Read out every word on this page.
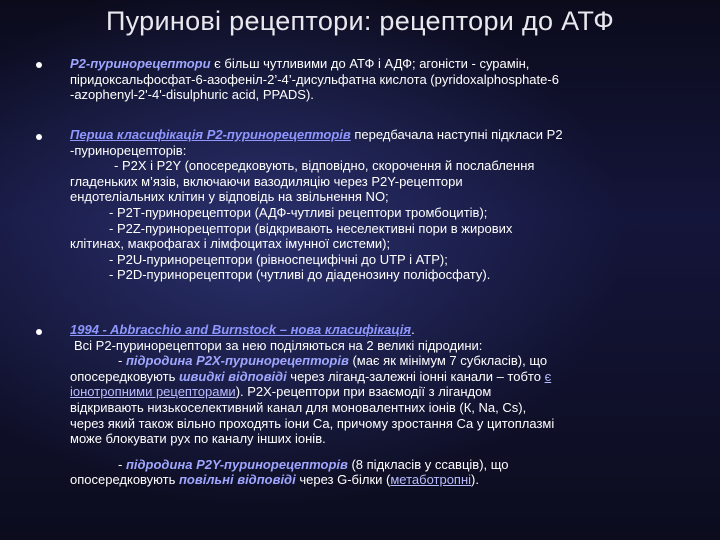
Пуринові рецептори: рецептори до АТФ
Р2-пуринорецептори є більш чутливими до АТФ і АДФ; агоністи - сурамін,
піридоксальфосфат-6-азофеніл-2’-4’-дисульфатна кислота (pyridoxalphosphate-6
-azophenyl-2'-4'-disulphuric acid, PPADS).
Перша класифікація Р2-пуринорецепторів передбачала наступні підкласи Р2
-пуринорецепторів:
- Р2Х і Р2Y (опосередковують, відповідно, скорочення й послаблення
гладеньких м’язів, включаючи вазодиляцію через Р2Y-рецептори
ендотеліальних клітин у відповідь на звільнення NO;
- Р2Т-пуринорецептори (АДФ-чутливі рецептори тромбоцитів);
- Р2Z-пуринорецептори (відкривають неселективні пори в жирових
клітинах, макрофагах і лімфоцитах імунної системи);
- Р2U-пуринорецептори (рівноспецифічні до UTP і АТР);
- Р2D-пуринорецептори (чутливі до діаденозину поліфосфату).
1994 - Abbracchio and Burnstock – нова класифікація.
Всі Р2-пуринорецептори за нею поділяються на 2 великі підродини:
- підродина Р2Х-пуринорецепторів (має як мінімум 7 субкласів), що
опосередковують швидкі відповіді через ліганд-залежні іонні канали – тобто є
іонотропними рецепторами). Р2Х-рецептори при взаємодії з лігандом
відкривають низькоселективний канал для моновалентних іонів (К, Na, Cs),
через який також вільно проходять іони Са, причому зростання Са у цитоплазмі
може блокувати рух по каналу інших іонів.
- підродина Р2Y-пуринорецепторів (8 підкласів у ссавців), що
опосередковують повільні відповіді через G-білки (метаботропні).
